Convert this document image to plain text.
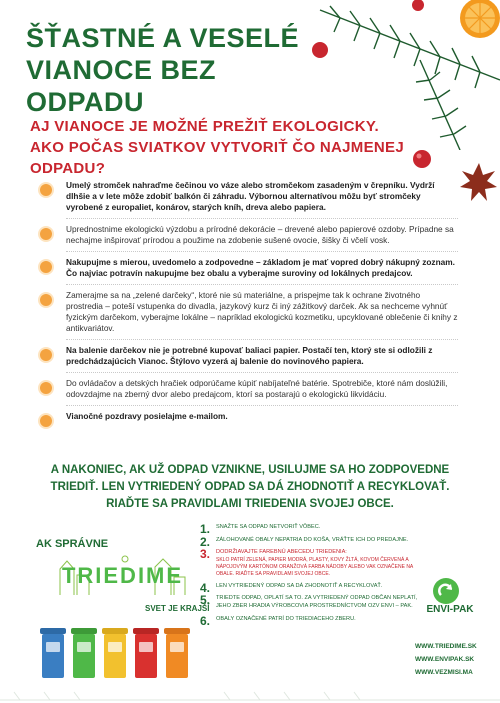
ŠŤASTNÉ A VESELÉ
VIANOCE BEZ ODPADU
AJ VIANOCE JE MOŽNÉ PREŽIŤ EKOLOGICKY.
AKO POČAS SVIATKOV VYTVORIŤ ČO NAJMENEJ ODPADU?
Umelý stromček nahraďme čečinou vo váze alebo stromčekom zasadeným v črepníku. Vydrží dlhšie a v lete môže zdobiť balkón či záhradu. Výbornou alternatívou môžu byť stromčeky vyrobené z europaliet, konárov, starých kníh, dreva alebo papiera.
Uprednostnime ekologickú výzdobu a prírodné dekorácie – drevené alebo papierové ozdoby. Prípadne sa nechajme inšpirovať prírodou a použime na zdobenie sušené ovocie, šišky či včelí vosk.
Nakupujme s mierou, uvedomelo a zodpovedne – základom je mať vopred dobrý nákupný zoznam. Čo najviac potravín nakupujme bez obalu a vyberajme suroviny od lokálnych predajcov.
Zamerajme sa na „zelené darčeky“, ktoré nie sú materiálne, a prispejme tak k ochrane životného prostredia – poteší vstupenka do divadla, jazykový kurz či iný zážitkový darček. Ak sa nechceme vyhnúť fyzickým darčekom, vyberajme lokálne – napríklad ekologickú kozmetiku, upcyklované oblečenie či knihy z antikvariátov.
Na balenie darčekov nie je potrebné kupovať baliaci papier. Postačí ten, ktorý ste si odložili z predchádzajúcich Vianoc. Štýlovo vyzerá aj balenie do novinového papiera.
Do ovládačov a detských hračiek odporúčame kúpiť nabíjateľné batérie. Spotrebiče, ktoré nám doslúžili, odovzdajme na zberný dvor alebo predajcom, ktorí sa postarajú o ekologickú likvidáciu.
Vianočné pozdravy posielajme e-mailom.
A NAKONIEC, AK UŽ ODPAD VZNIKNE, USILUJME SA HO ZODPOVEDNE TRIEDIŤ. LEN VYTRIEDENÝ ODPAD SA DÁ ZHODNOTIŤ A RECYKLOVAŤ. RIAĎTE SA PRAVIDLAMI TRIEDENIA SVOJEJ OBCE.
AK SPRÁVNE
TRIEDIME
SVET JE KRAJŠÍ
1. SNAŽTE SA ODPAD NETVORIŤ VÔBEC.
2. ZÁLOHOVANÉ OBALY NEPATRIA DO KOŠA, VRÁŤTE ICH DO PREDAJNE.
3. DODRŽIAVAJTE FAREBNÚ ABECEDU TRIEDENIA:
SKLO PATRÍ ZELENÁ, PAPIER MODRÁ, PLASTY, KOVY ŽLTÁ, KOVOM ČERVENÁ A NÁPOJOVÝM KARTÓNOM ORANŽOVÁ FARBA NÁDOBY ALEBO VAK OZNAČENE NA OBALE. RIAĎTE SA PRAVIDLAMI SVOJEJ OBCE.
4. LEN VYTRIEDENÝ ODPAD SA DÁ ZHODNOTIŤ A RECYKLOVAŤ.
5. TRIEDTE ODPAD, OPLATÍ SA TO. ZA VYTRIEDENÝ ODPAD OBČAN NEPLATÍ, JEHO ZBER HRADIA VÝROBCOVIA PROSTREDNÍCTVOM OZV ENVI – PAK.
6. OBALY OZNAČENÉ PATRÍ DO TRIEDIACEHO ZBERU.
ENVI-PAK
WWW.TRIEDIME.SK
WWW.ENVIPAK.SK
WWW.VEZMISI.MA
